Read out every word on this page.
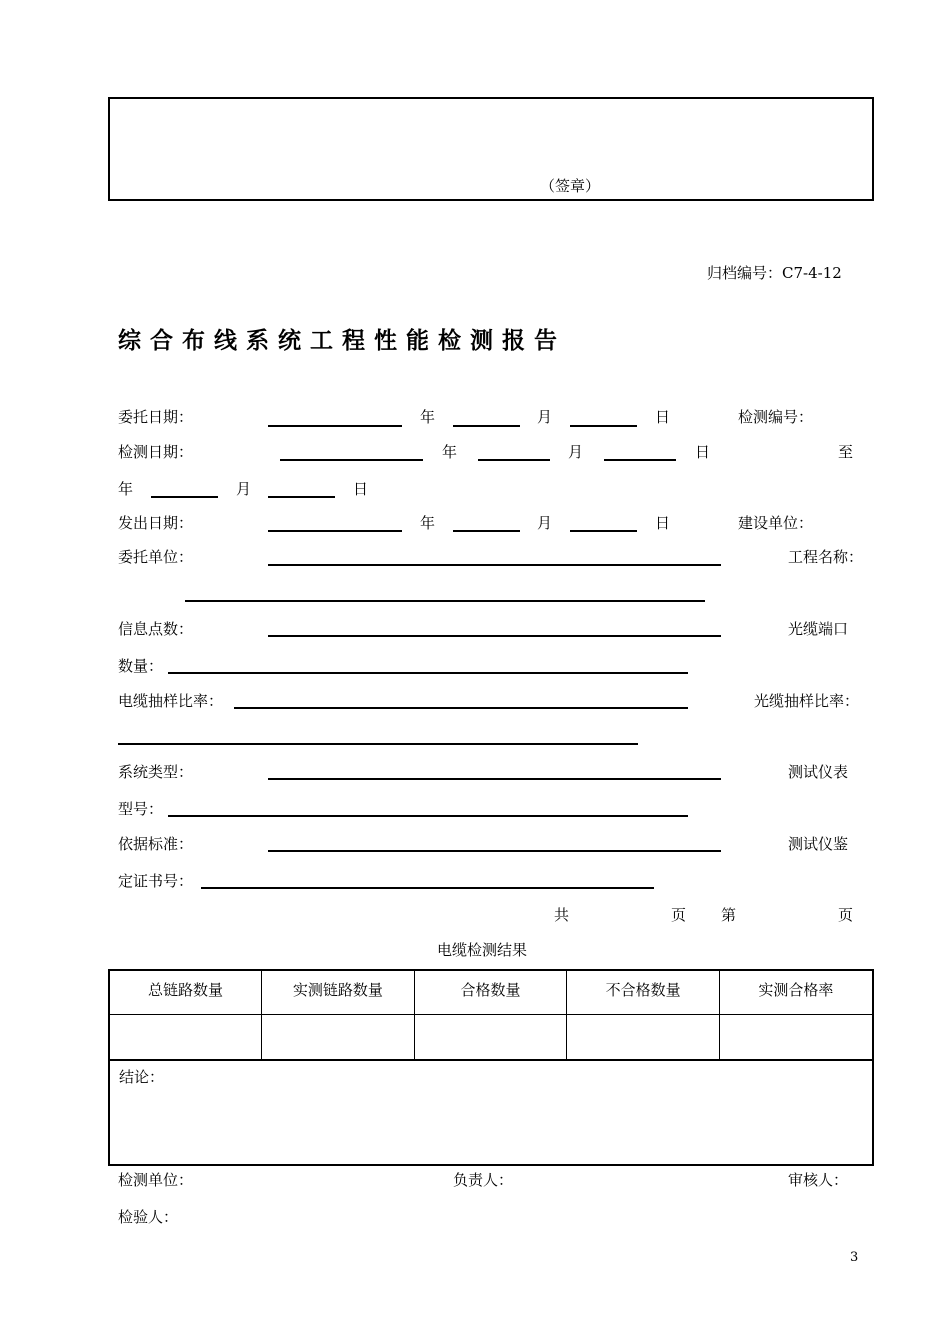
（签章）
归档编号：C7-4-12
综合布线系统工程性能检测报告
委托日期：	年	月	日	检测编号：
检测日期：	年	月	日	至
年	月	日
发出日期：	年	月	日	建设单位：
委托单位：	工程名称：
信息点数：	光缆端口
数量：
电缆抽样比率：	光缆抽样比率：
系统类型：	测试仪表
型号：
依据标准：	测试仪鉴
定证书号：
共	页 第	页
电缆检测结果
总链路数量	实测链路数量	合格数量	不合格数量	实测合格率

结论：
检测单位：	负责人：	审核人：
检验人：
3
